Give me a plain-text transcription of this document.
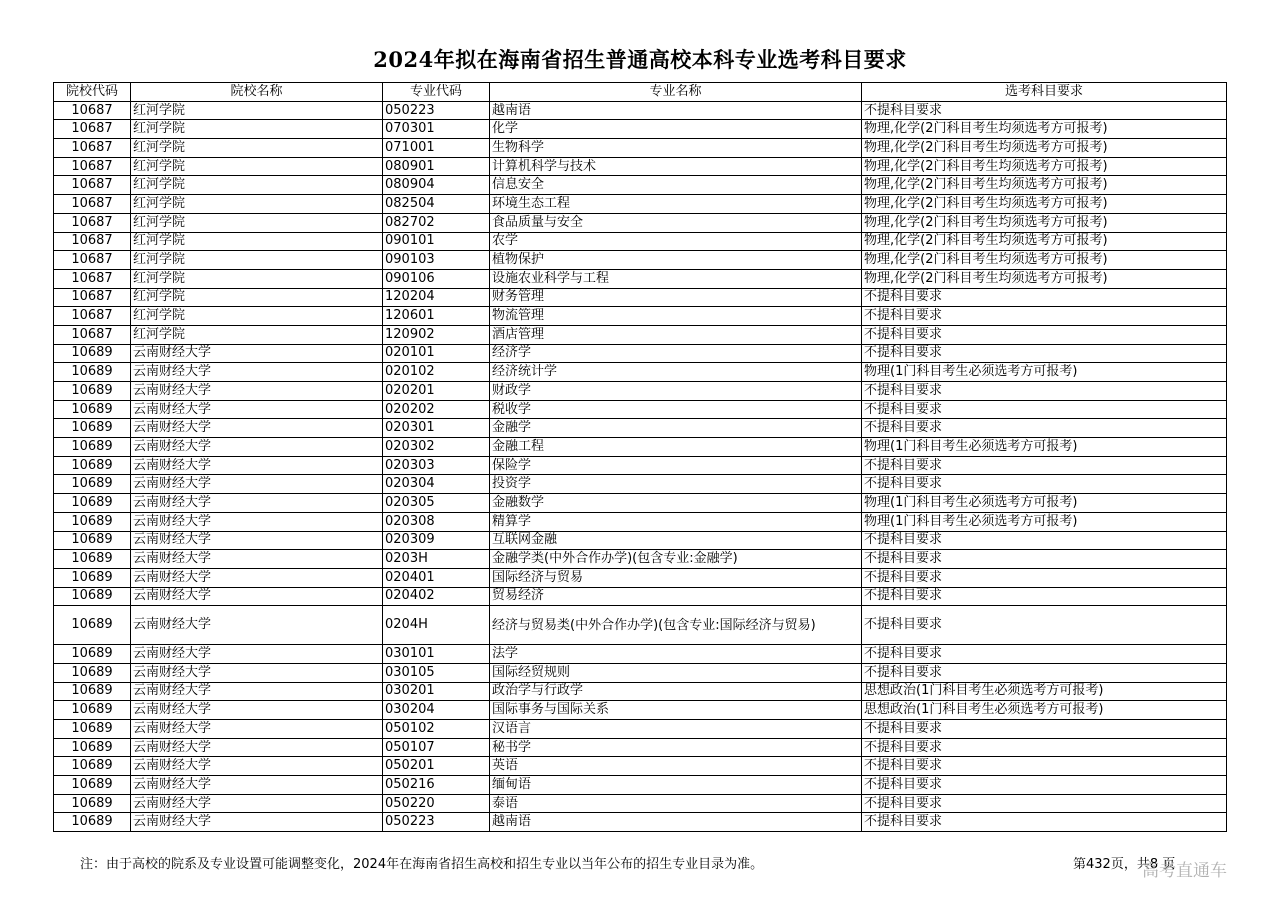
2024年拟在海南省招生普通高校本科专业选考科目要求
院校代码	院校名称	专业代码	专业名称	选考科目要求
10687	红河学院	050223	越南语	不提科目要求
10687	红河学院	070301	化学	物理,化学(2门科目考生均须选考方可报考)
10687	红河学院	071001	生物科学	物理,化学(2门科目考生均须选考方可报考)
10687	红河学院	080901	计算机科学与技术	物理,化学(2门科目考生均须选考方可报考)
10687	红河学院	080904	信息安全	物理,化学(2门科目考生均须选考方可报考)
10687	红河学院	082504	环境生态工程	物理,化学(2门科目考生均须选考方可报考)
10687	红河学院	082702	食品质量与安全	物理,化学(2门科目考生均须选考方可报考)
10687	红河学院	090101	农学	物理,化学(2门科目考生均须选考方可报考)
10687	红河学院	090103	植物保护	物理,化学(2门科目考生均须选考方可报考)
10687	红河学院	090106	设施农业科学与工程	物理,化学(2门科目考生均须选考方可报考)
10687	红河学院	120204	财务管理	不提科目要求
10687	红河学院	120601	物流管理	不提科目要求
10687	红河学院	120902	酒店管理	不提科目要求
10689	云南财经大学	020101	经济学	不提科目要求
10689	云南财经大学	020102	经济统计学	物理(1门科目考生必须选考方可报考)
10689	云南财经大学	020201	财政学	不提科目要求
10689	云南财经大学	020202	税收学	不提科目要求
10689	云南财经大学	020301	金融学	不提科目要求
10689	云南财经大学	020302	金融工程	物理(1门科目考生必须选考方可报考)
10689	云南财经大学	020303	保险学	不提科目要求
10689	云南财经大学	020304	投资学	不提科目要求
10689	云南财经大学	020305	金融数学	物理(1门科目考生必须选考方可报考)
10689	云南财经大学	020308	精算学	物理(1门科目考生必须选考方可报考)
10689	云南财经大学	020309	互联网金融	不提科目要求
10689	云南财经大学	0203H	金融学类(中外合作办学)(包含专业:金融学)	不提科目要求
10689	云南财经大学	020401	国际经济与贸易	不提科目要求
10689	云南财经大学	020402	贸易经济	不提科目要求
10689	云南财经大学	0204H	经济与贸易类(中外合作办学)(包含专业:国际经济与贸易)	不提科目要求
10689	云南财经大学	030101	法学	不提科目要求
10689	云南财经大学	030105	国际经贸规则	不提科目要求
10689	云南财经大学	030201	政治学与行政学	思想政治(1门科目考生必须选考方可报考)
10689	云南财经大学	030204	国际事务与国际关系	思想政治(1门科目考生必须选考方可报考)
10689	云南财经大学	050102	汉语言	不提科目要求
10689	云南财经大学	050107	秘书学	不提科目要求
10689	云南财经大学	050201	英语	不提科目要求
10689	云南财经大学	050216	缅甸语	不提科目要求
10689	云南财经大学	050220	泰语	不提科目要求
10689	云南财经大学	050223	越南语	不提科目要求
注：由于高校的院系及专业设置可能调整变化，2024年在海南省招生高校和招生专业以当年公布的招生专业目录为准。	第432页，共8 页
高考直通车
